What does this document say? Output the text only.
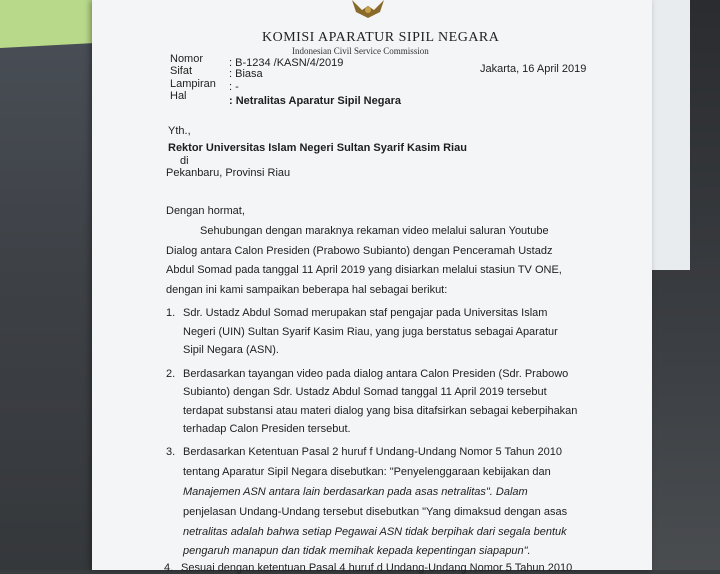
KOMISI APARATUR SIPIL NEGARA
Indonesian Civil Service Commission
Nomor : B-1234 /KASN/4/2019
Sifat	: Biasa
Lampiran : -
Hal	: Netralitas Aparatur Sipil Negara
Jakarta, 16 April 2019
Yth.,
Rektor Universitas Islam Negeri Sultan Syarif Kasim Riau
di
Pekanbaru, Provinsi Riau
Dengan hormat,
Sehubungan dengan maraknya rekaman video melalui saluran Youtube
Dialog antara Calon Presiden (Prabowo Subianto) dengan Penceramah Ustadz
Abdul Somad pada tanggal 11 April 2019 yang disiarkan melalui stasiun TV ONE,
dengan ini kami sampaikan beberapa hal sebagai berikut:
1. Sdr. Ustadz Abdul Somad merupakan staf pengajar pada Universitas Islam
Negeri (UIN) Sultan Syarif Kasim Riau, yang juga berstatus sebagai Aparatur
Sipil Negara (ASN).
2. Berdasarkan tayangan video pada dialog antara Calon Presiden (Sdr. Prabowo
Subianto) dengan Sdr. Ustadz Abdul Somad tanggal 11 April 2019 tersebut
terdapat substansi atau materi dialog yang bisa ditafsirkan sebagai keberpihakan
terhadap Calon Presiden tersebut.
3. Berdasarkan Ketentuan Pasal 2 huruf f Undang-Undang Nomor 5 Tahun 2010
tentang Aparatur Sipil Negara disebutkan: "Penyelenggaraan kebijakan dan
Manajemen ASN antara lain berdasarkan pada asas netralitas". Dalam
penjelasan Undang-Undang tersebut disebutkan "Yang dimaksud dengan asas
netralitas adalah bahwa setiap Pegawai ASN tidak berpihak dari segala bentuk
pengaruh manapun dan tidak memihak kepada kepentingan siapapun".
4. Sesuai dengan ketentuan Pasal 4 huruf d Undang-Undang Nomor 5 Tahun 2010
